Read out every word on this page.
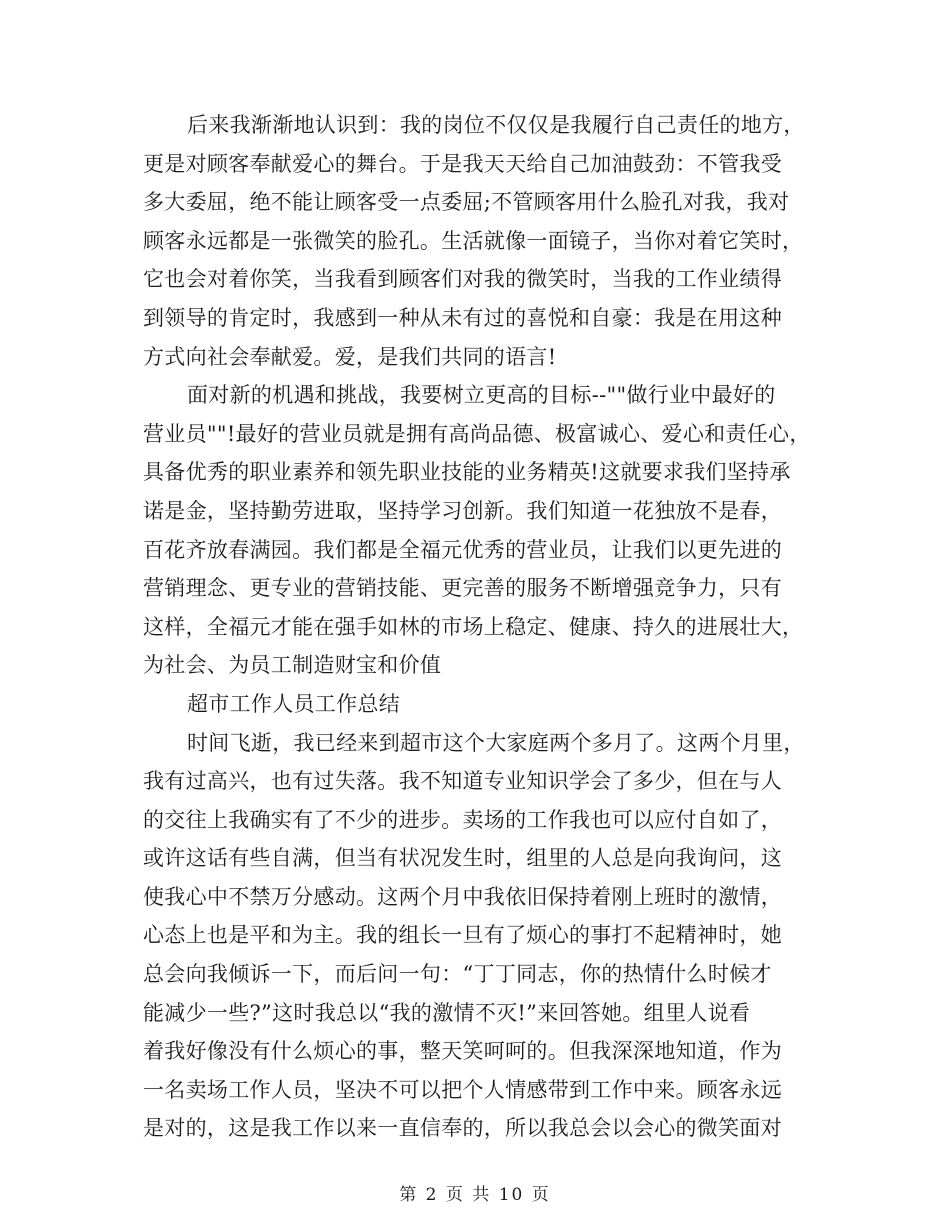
后来我渐渐地认识到：我的岗位不仅仅是我履行自己责任的地方，
更是对顾客奉献爱心的舞台。于是我天天给自己加油鼓劲：不管我受
多大委屈，绝不能让顾客受一点委屈;不管顾客用什么脸孔对我，我对
顾客永远都是一张微笑的脸孔。生活就像一面镜子，当你对着它笑时，
它也会对着你笑，当我看到顾客们对我的微笑时，当我的工作业绩得
到领导的肯定时，我感到一种从未有过的喜悦和自豪：我是在用这种
方式向社会奉献爱。爱，是我们共同的语言!
面对新的机遇和挑战，我要树立更高的目标--""做行业中最好的
营业员""!最好的营业员就是拥有高尚品德、极富诚心、爱心和责任心，
具备优秀的职业素养和领先职业技能的业务精英!这就要求我们坚持承
诺是金，坚持勤劳进取，坚持学习创新。我们知道一花独放不是春，
百花齐放春满园。我们都是全福元优秀的营业员，让我们以更先进的
营销理念、更专业的营销技能、更完善的服务不断增强竞争力，只有
这样，全福元才能在强手如林的市场上稳定、健康、持久的进展壮大，
为社会、为员工制造财宝和价值
超市工作人员工作总结
时间飞逝，我已经来到超市这个大家庭两个多月了。这两个月里，
我有过高兴，也有过失落。我不知道专业知识学会了多少，但在与人
的交往上我确实有了不少的进步。卖场的工作我也可以应付自如了，
或许这话有些自满，但当有状况发生时，组里的人总是向我询问，这
使我心中不禁万分感动。这两个月中我依旧保持着刚上班时的激情，
心态上也是平和为主。我的组长一旦有了烦心的事打不起精神时，她
总会向我倾诉一下，而后问一句：“丁丁同志，你的热情什么时候才
能减少一些?”这时我总以“我的激情不灭!”来回答她。组里人说看
着我好像没有什么烦心的事，整天笑呵呵的。但我深深地知道，作为
一名卖场工作人员，坚决不可以把个人情感带到工作中来。顾客永远
是对的，这是我工作以来一直信奉的，所以我总会以会心的微笑面对
第 2 页 共 10 页
